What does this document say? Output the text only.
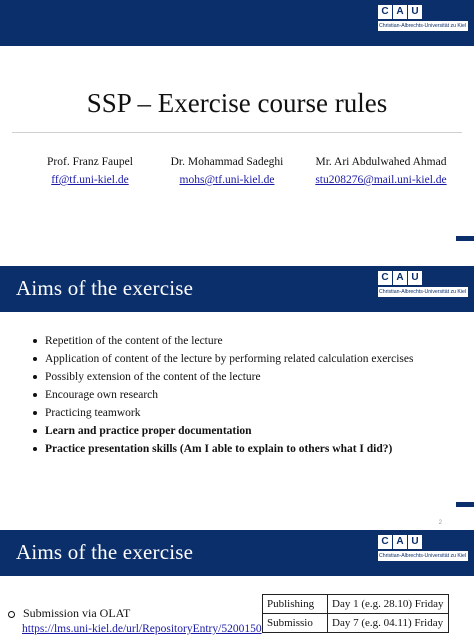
C A U
Christian-Albrechts-Universität zu Kiel
SSP – Exercise course rules
Prof. Franz Faupel
ff@tf.uni-kiel.de
Dr. Mohammad Sadeghi
mohs@tf.uni-kiel.de
Mr. Ari Abdulwahed Ahmad
stu208276@mail.uni-kiel.de
Aims of the exercise	C A U
Christian-Albrechts-Universität zu Kiel
Repetition of the content of the lecture
Application of content of the lecture by performing related calculation exercises
Possibly extension of the content of the lecture
Encourage own research
Practicing teamwork
Learn and practice proper documentation
Practice presentation skills (Am I able to explain to others what I did?)
2
Aims of the exercise	C A U
Christian-Albrechts-Universität zu Kiel
Submission via OLAT
https://lms.uni-kiel.de/url/RepositoryEntry/5200150
Publishing	Day 1 (e.g. 28.10) Friday
Submissio	Day 7 (e.g. 04.11) Friday
